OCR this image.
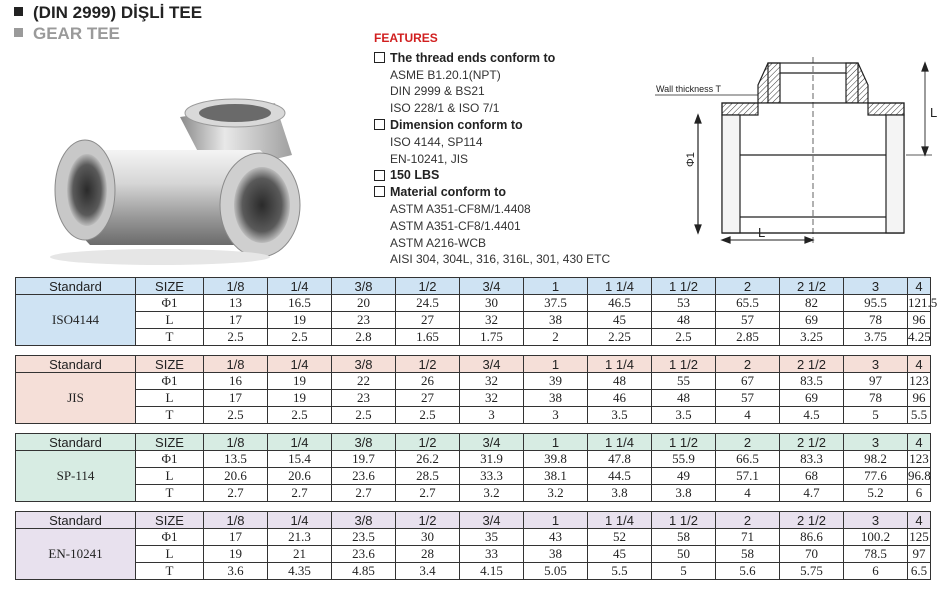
(DIN 2999) DİŞLİ TEE
GEAR TEE	FEATURES
The thread ends conform to
ASME B1.20.1(NPT)
DIN 2999 & BS21
ISO 228/1 & ISO 7/1
Dimension conform to
ISO 4144, SP114
EN-10241, JIS
150 LBS
Material conform to
ASTM A351-CF8M/1.4408
ASTM A351-CF8/1.4401
ASTM A216-WCB
AISI 304, 304L, 316, 316L, 301, 430 ETC
Wall thickness T
Φ1
L
L
Standard	SIZE	1/8	1/4	3/8	1/2	3/4	1	1 1/4	1 1/2	2	2 1/2	3	4
ISO4144	Φ1	13	16.5	20	24.5	30	37.5	46.5	53	65.5	82	95.5	121.5
	L	17	19	23	27	32	38	45	48	57	69	78	96
	T	2.5	2.5	2.8	1.65	1.75	2	2.25	2.5	2.85	3.25	3.75	4.25
Standard	SIZE	1/8	1/4	3/8	1/2	3/4	1	1 1/4	1 1/2	2	2 1/2	3	4
JIS	Φ1	16	19	22	26	32	39	48	55	67	83.5	97	123
	L	17	19	23	27	32	38	46	48	57	69	78	96
	T	2.5	2.5	2.5	2.5	3	3	3.5	3.5	4	4.5	5	5.5
Standard	SIZE	1/8	1/4	3/8	1/2	3/4	1	1 1/4	1 1/2	2	2 1/2	3	4
SP-114	Φ1	13.5	15.4	19.7	26.2	31.9	39.8	47.8	55.9	66.5	83.3	98.2	123
	L	20.6	20.6	23.6	28.5	33.3	38.1	44.5	49	57.1	68	77.6	96.8
	T	2.7	2.7	2.7	2.7	3.2	3.2	3.8	3.8	4	4.7	5.2	6
Standard	SIZE	1/8	1/4	3/8	1/2	3/4	1	1 1/4	1 1/2	2	2 1/2	3	4
EN-10241	Φ1	17	21.3	23.5	30	35	43	52	58	71	86.6	100.2	125
	L	19	21	23.6	28	33	38	45	50	58	70	78.5	97
	T	3.6	4.35	4.85	3.4	4.15	5.05	5.5	5	5.6	5.75	6	6.5
